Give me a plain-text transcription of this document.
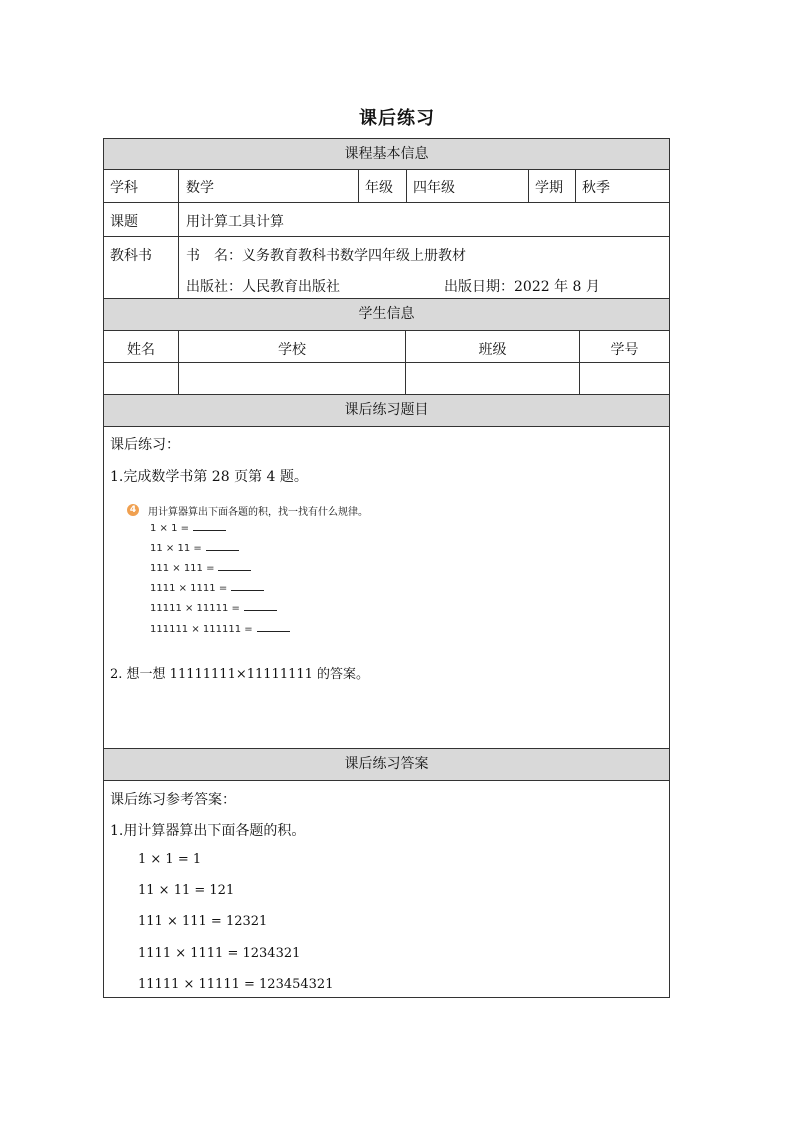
课后练习
课程基本信息
学科	数学	年级 四年级	学期 秋季
课题	用计算工具计算
教科书 书　名：义务教育教科书数学四年级上册教材
出版社：人民教育出版社	出版日期：2022 年 8 月
学生信息
姓名	学校	班级	学号
课后练习题目
课后练习：
1.完成数学书第 28 页第 4 题。
4 用计算器算出下面各题的积，找一找有什么规律。
1 × 1 =
11 × 11 =
111 × 111 =
1111 × 1111 =
11111 × 11111 =
111111 × 111111 =
2. 想一想 11111111×11111111 的答案。
课后练习答案
课后练习参考答案：
1.用计算器算出下面各题的积。
1 × 1 = 1
11 × 11 = 121
111 × 111 = 12321
1111 × 1111 = 1234321
11111 × 11111 = 123454321
